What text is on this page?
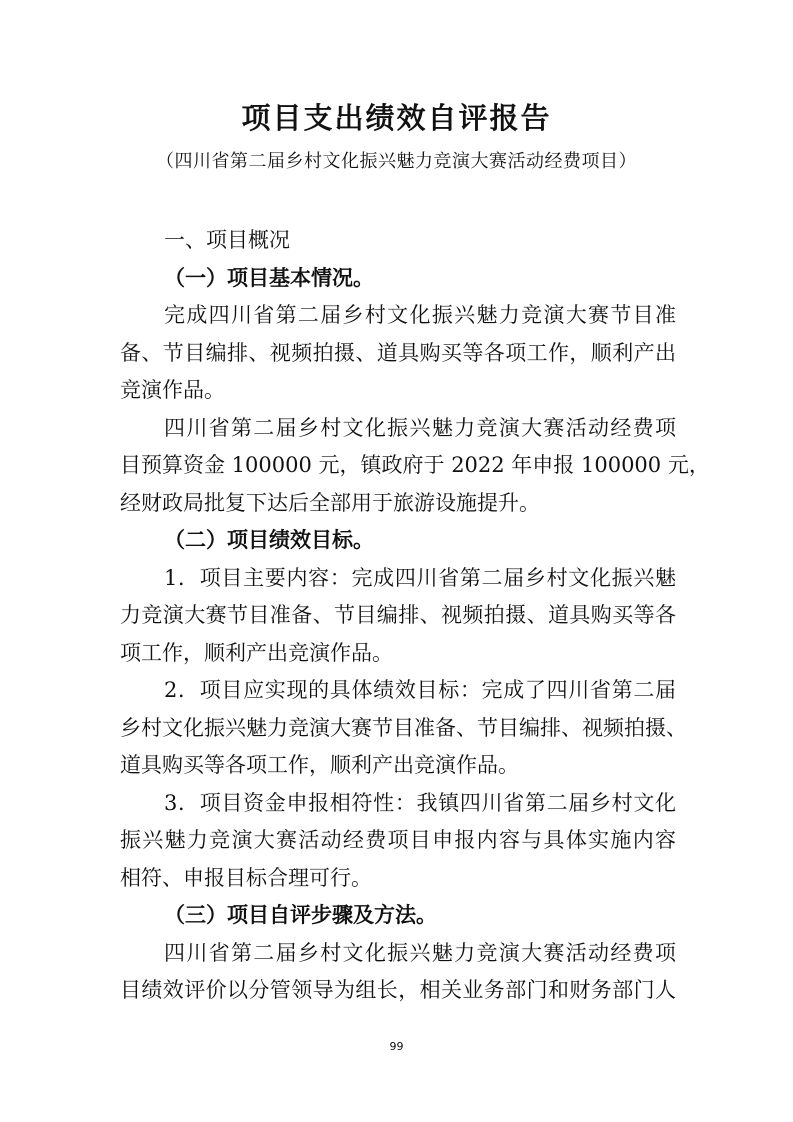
项目支出绩效自评报告
（四川省第二届乡村文化振兴魅力竞演大赛活动经费项目）
一、项目概况
（一）项目基本情况。
完成四川省第二届乡村文化振兴魅力竞演大赛节目准
备、节目编排、视频拍摄、道具购买等各项工作，顺利产出
竞演作品。
四川省第二届乡村文化振兴魅力竞演大赛活动经费项
目预算资金 100000 元，镇政府于 2022 年申报 100000 元，
经财政局批复下达后全部用于旅游设施提升。
（二）项目绩效目标。
1．项目主要内容：完成四川省第二届乡村文化振兴魅
力竞演大赛节目准备、节目编排、视频拍摄、道具购买等各
项工作，顺利产出竞演作品。
2．项目应实现的具体绩效目标：完成了四川省第二届
乡村文化振兴魅力竞演大赛节目准备、节目编排、视频拍摄、
道具购买等各项工作，顺利产出竞演作品。
3．项目资金申报相符性：我镇四川省第二届乡村文化
振兴魅力竞演大赛活动经费项目申报内容与具体实施内容
相符、申报目标合理可行。
（三）项目自评步骤及方法。
四川省第二届乡村文化振兴魅力竞演大赛活动经费项
目绩效评价以分管领导为组长，相关业务部门和财务部门人
99
